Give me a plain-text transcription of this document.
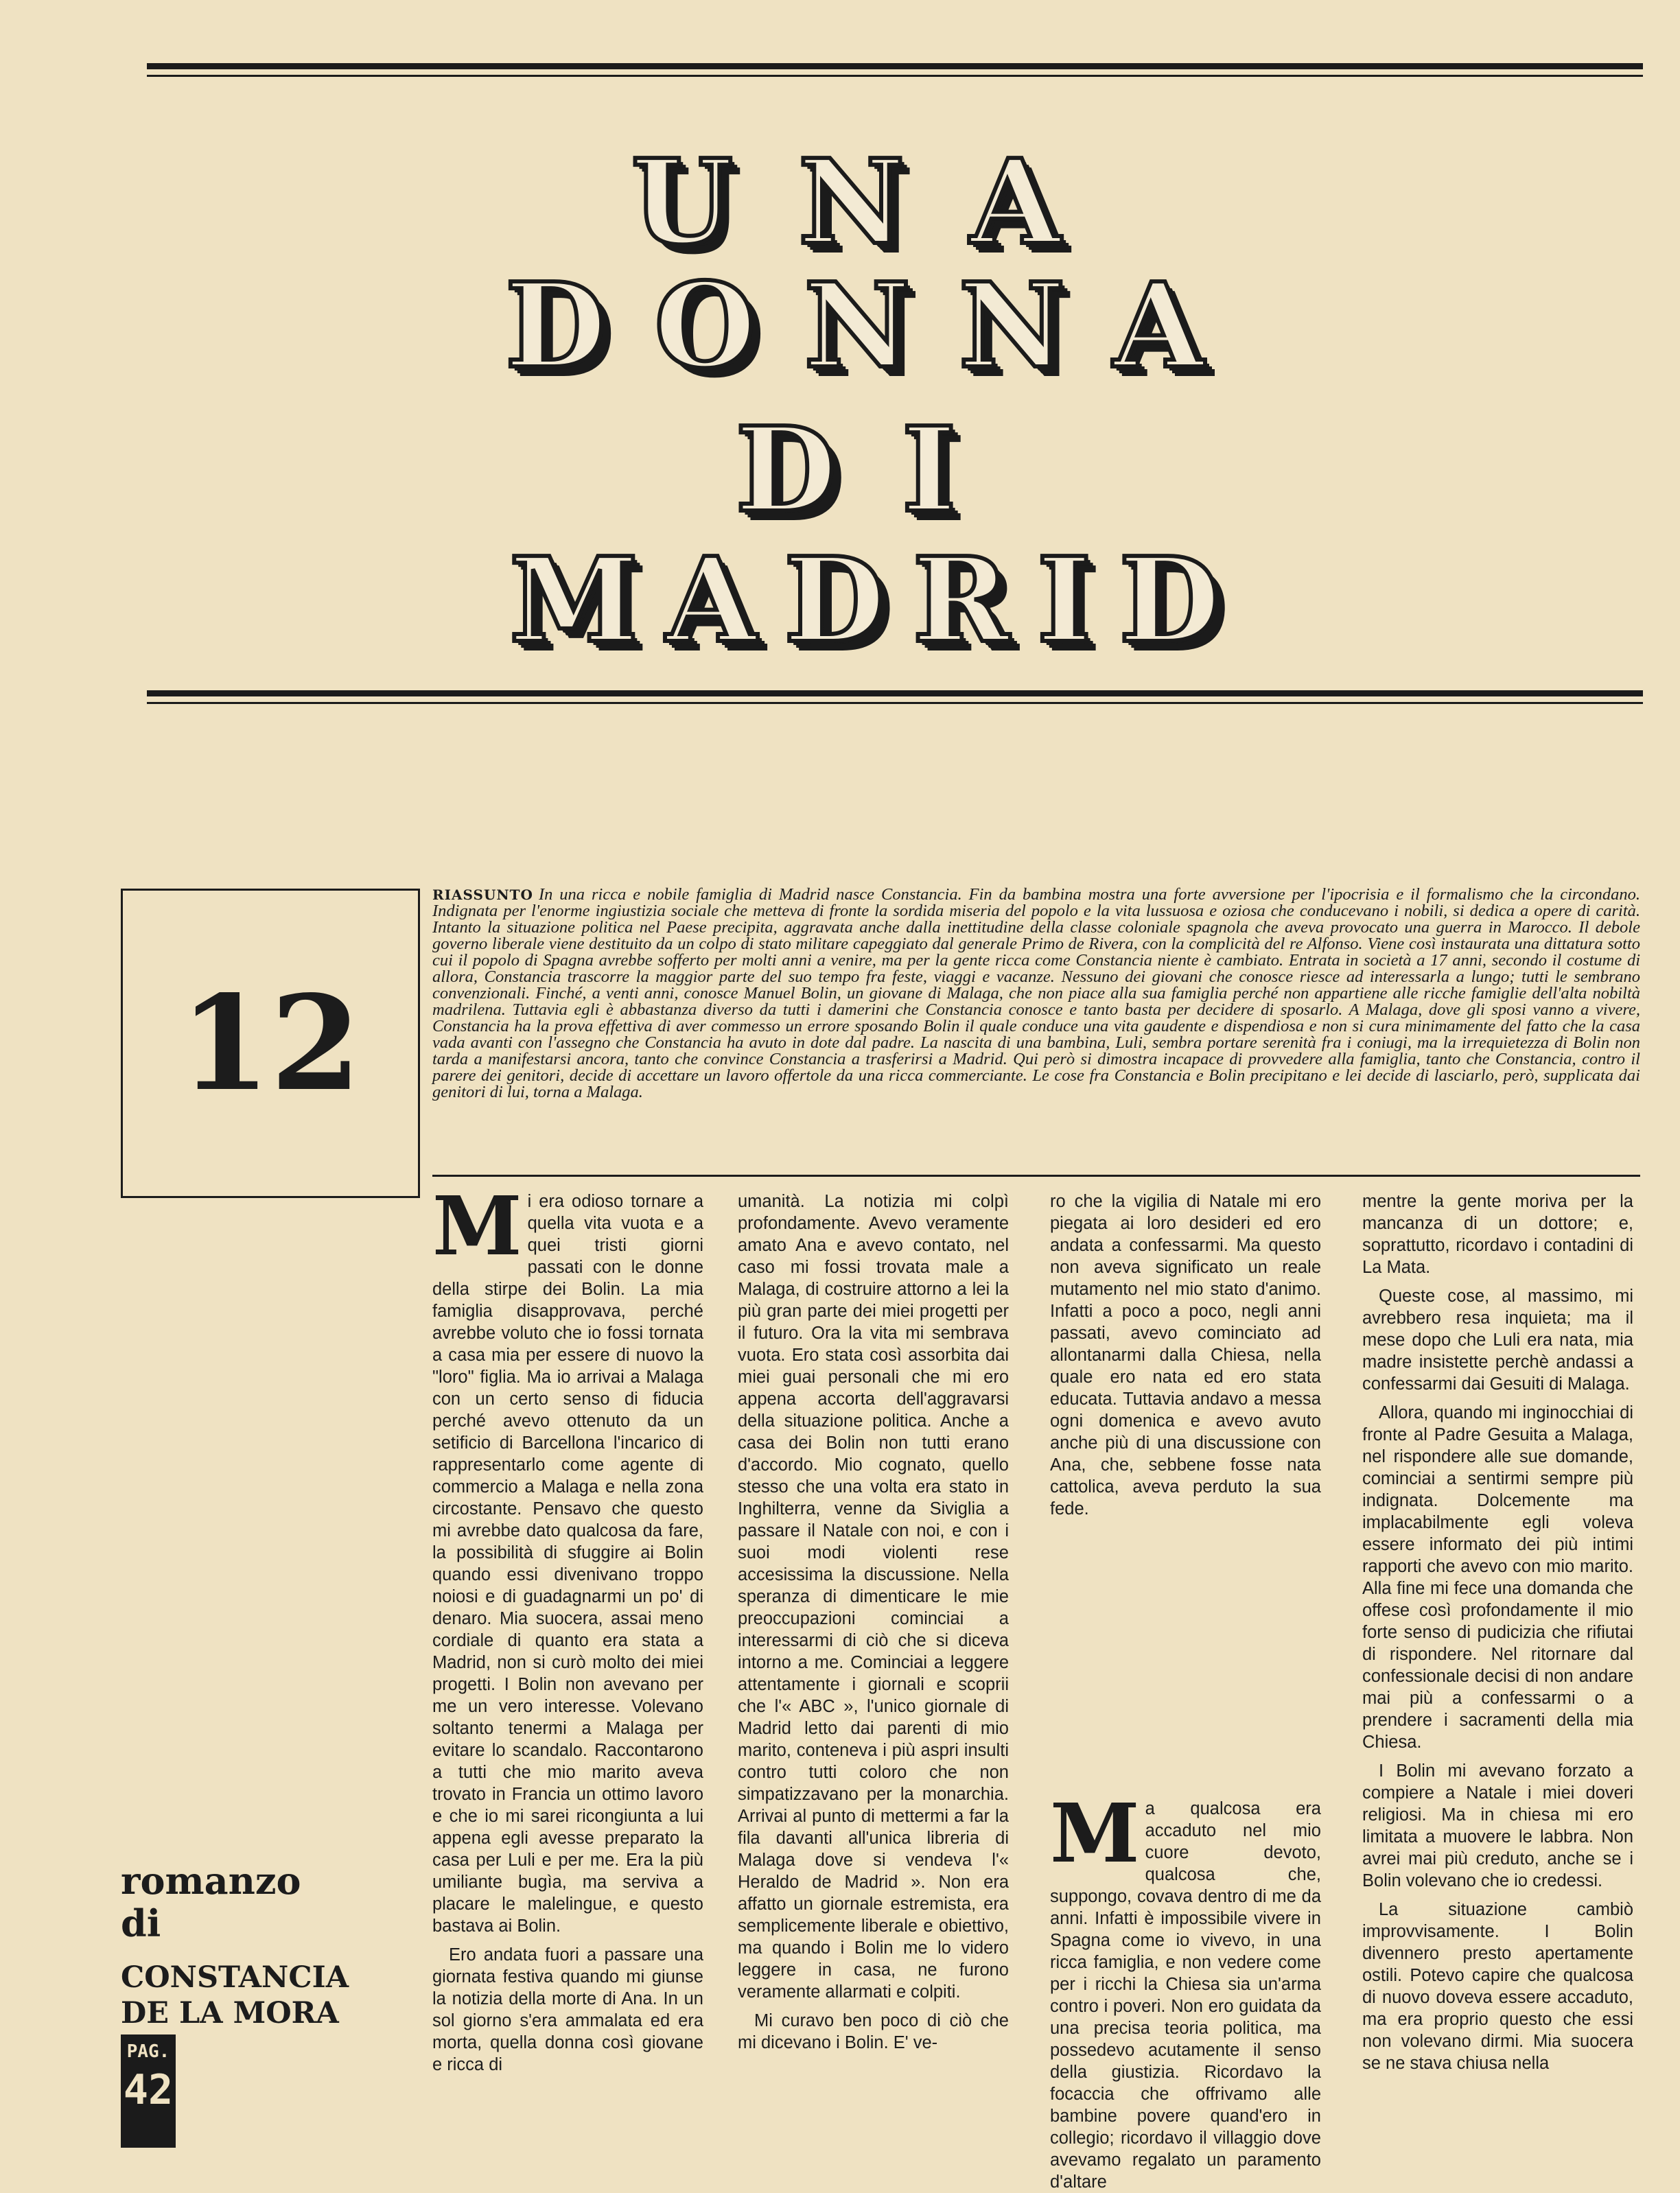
UNA
DONNA
DI
MADRID
12
RIASSUNTO In una ricca e nobile famiglia di Madrid nasce Constancia. Fin da bambina mostra una forte avversione per l'ipocrisia e il formalismo che la circondano. Indignata per l'enorme ingiustizia sociale che metteva di fronte la sordida miseria del popolo e la vita lussuosa e oziosa che conducevano i nobili, si dedica a opere di carità. Intanto la situazione politica nel Paese precipita, aggravata anche dalla inettitudine della classe coloniale spagnola che aveva provocato una guerra in Marocco. Il debole governo liberale viene destituito da un colpo di stato militare capeggiato dal generale Primo de Rivera, con la complicità del re Alfonso. Viene così instaurata una dittatura sotto cui il popolo di Spagna avrebbe sofferto per molti anni a venire, ma per la gente ricca come Constancia niente è cambiato. Entrata in società a 17 anni, secondo il costume di allora, Constancia trascorre la maggior parte del suo tempo fra feste, viaggi e vacanze. Nessuno dei giovani che conosce riesce ad interessarla a lungo; tutti le sembrano convenzionali. Finché, a venti anni, conosce Manuel Bolin, un giovane di Malaga, che non piace alla sua famiglia perché non appartiene alle ricche famiglie dell'alta nobiltà madrilena. Tuttavia egli è abbastanza diverso da tutti i damerini che Constancia conosce e tanto basta per decidere di sposarlo. A Malaga, dove gli sposi vanno a vivere, Constancia ha la prova effettiva di aver commesso un errore sposando Bolin il quale conduce una vita gaudente e dispendiosa e non si cura minimamente del fatto che la casa vada avanti con l'assegno che Constancia ha avuto in dote dal padre. La nascita di una bambina, Luli, sembra portare serenità fra i coniugi, ma la irrequietezza di Bolin non tarda a manifestarsi ancora, tanto che convince Constancia a trasferirsi a Madrid. Qui però si dimostra incapace di provvedere alla famiglia, tanto che Constancia, contro il parere dei genitori, decide di accettare un lavoro offertole da una ricca commerciante. Le cose fra Constancia e Bolin precipitano e lei decide di lasciarlo, però, supplicata dai genitori di lui, torna a Malaga.

Mi era odioso tornare a quella vita vuota e a quei tristi giorni passati con le donne della stirpe dei Bolin. La mia famiglia disapprovava, perché avrebbe voluto che io fossi tornata a casa mia per essere di nuovo la "loro" figlia. Ma io arrivai a Malaga con un certo senso di fiducia perché avevo ottenuto da un setificio di Barcellona l'incarico di rappresentarlo come agente di commercio a Malaga e nella zona circostante. Pensavo che questo mi avrebbe dato qualcosa da fare, la possibilità di sfuggire ai Bolin quando essi divenivano troppo noiosi e di guadagnarmi un po' di denaro. Mia suocera, assai meno cordiale di quanto era stata a Madrid, non si curò molto dei miei progetti. I Bolin non avevano per me un vero interesse. Volevano soltanto tenermi a Malaga per evitare lo scandalo. Raccontarono a tutti che mio marito aveva trovato in Francia un ottimo lavoro e che io mi sarei ricongiunta a lui appena egli avesse preparato la casa per Luli e per me. Era la più umiliante bugìa, ma serviva a placare le malelingue, e questo bastava ai Bolin.

Ero andata fuori a passare una giornata festiva quando mi giunse la notizia della morte di Ana. In un sol giorno s'era ammalata ed era morta, quella donna così giovane e ricca di

umanità. La notizia mi colpì profondamente. Avevo veramente amato Ana e avevo contato, nel caso mi fossi trovata male a Malaga, di costruire attorno a lei la più gran parte dei miei progetti per il futuro. Ora la vita mi sembrava vuota. Ero stata così assorbita dai miei guai personali che mi ero appena accorta dell'aggravarsi della situazione politica. Anche a casa dei Bolin non tutti erano d'accordo. Mio cognato, quello stesso che una volta era stato in Inghilterra, venne da Siviglia a passare il Natale con noi, e con i suoi modi violenti rese accesissima la discussione. Nella speranza di dimenticare le mie preoccupazioni cominciai a interessarmi di ciò che si diceva intorno a me. Cominciai a leggere attentamente i giornali e scoprii che l'« ABC », l'unico giornale di Madrid letto dai parenti di mio marito, conteneva i più aspri insulti contro tutti coloro che non simpatizzavano per la monarchia. Arrivai al punto di mettermi a far la fila davanti all'unica libreria di Malaga dove si vendeva l'« Heraldo de Madrid ». Non era affatto un giornale estremista, era semplicemente liberale e obiettivo, ma quando i Bolin me lo videro leggere in casa, ne furono veramente allarmati e colpiti.

Mi curavo ben poco di ciò che mi dicevano i Bolin. E' ve-

ro che la vigilia di Natale mi ero piegata ai loro desideri ed ero andata a confessarmi. Ma questo non aveva significato un reale mutamento nel mio stato d'animo. Infatti a poco a poco, negli anni passati, avevo cominciato ad allontanarmi dalla Chiesa, nella quale ero nata ed ero stata educata. Tuttavia andavo a messa ogni domenica e avevo avuto anche più di una discussione con Ana, che, sebbene fosse nata cattolica, aveva perduto la sua fede.

Ma qualcosa era accaduto nel mio cuore devoto, qualcosa che, suppongo, covava dentro di me da anni. Infatti è impossibile vivere in Spagna come io vivevo, in una ricca famiglia, e non vedere come per i ricchi la Chiesa sia un'arma contro i poveri. Non ero guidata da una precisa teoria politica, ma possedevo acutamente il senso della giustizia. Ricordavo la focaccia che offrivamo alle bambine povere quand'ero in collegio; ricordavo il villaggio dove avevamo regalato un paramento d'altare

mentre la gente moriva per la mancanza di un dottore; e, soprattutto, ricordavo i contadini di La Mata.

Queste cose, al massimo, mi avrebbero resa inquieta; ma il mese dopo che Luli era nata, mia madre insistette perchè andassi a confessarmi dai Gesuiti di Malaga.

Allora, quando mi inginocchiai di fronte al Padre Gesuita a Malaga, nel rispondere alle sue domande, cominciai a sentirmi sempre più indignata. Dolcemente ma implacabilmente egli voleva essere informato dei più intimi rapporti che avevo con mio marito. Alla fine mi fece una domanda che offese così profondamente il mio forte senso di pudicizia che rifiutai di rispondere. Nel ritornare dal confessionale decisi di non andare mai più a confessarmi o a prendere i sacramenti della mia Chiesa.

I Bolin mi avevano forzato a compiere a Natale i miei doveri religiosi. Ma in chiesa mi ero limitata a muovere le labbra. Non avrei mai più creduto, anche se i Bolin volevano che io credessi.

La situazione cambiò improvvisamente. I Bolin divennero presto apertamente ostili. Potevo capire che qualcosa di nuovo doveva essere accaduto, ma era proprio questo che essi non volevano dirmi. Mia suocera se ne stava chiusa nella

romanzo
di
CONSTANCIA
DE LA MORA
PAG.
42
